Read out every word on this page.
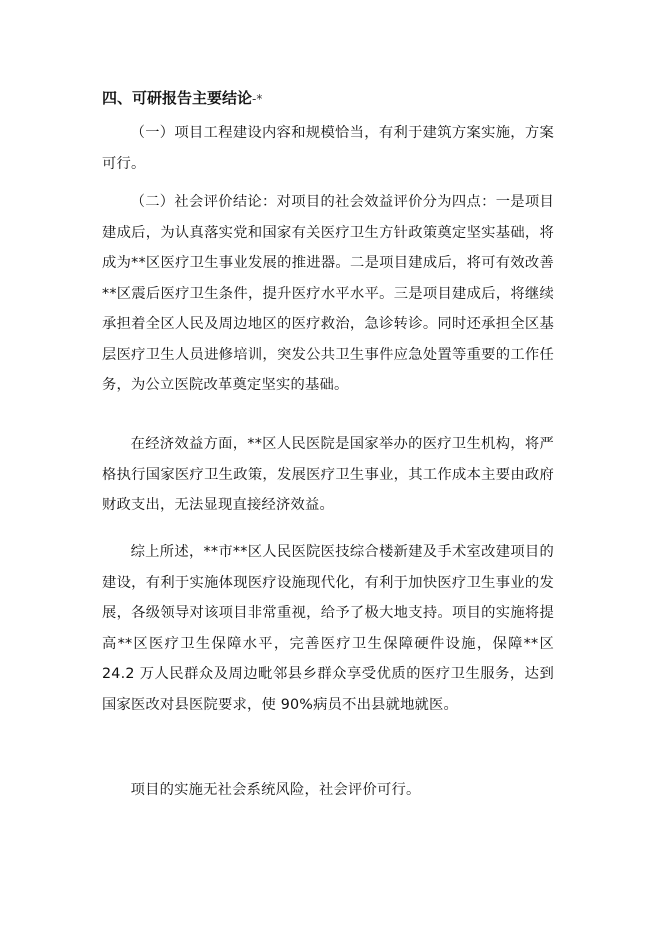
四、可研报告主要结论-*

（一）项目工程建设内容和规模恰当，有利于建筑方案实施，方案可行。

（二）社会评价结论：对项目的社会效益评价分为四点：一是项目建成后，为认真落实党和国家有关医疗卫生方针政策奠定坚实基础，将成为**区医疗卫生事业发展的推进器。二是项目建成后，将可有效改善**区震后医疗卫生条件，提升医疗水平水平。三是项目建成后，将继续承担着全区人民及周边地区的医疗救治，急诊转诊。同时还承担全区基层医疗卫生人员进修培训，突发公共卫生事件应急处置等重要的工作任务，为公立医院改革奠定坚实的基础。

在经济效益方面，**区人民医院是国家举办的医疗卫生机构，将严格执行国家医疗卫生政策，发展医疗卫生事业，其工作成本主要由政府财政支出，无法显现直接经济效益。

综上所述，**市**区人民医院医技综合楼新建及手术室改建项目的建设，有利于实施体现医疗设施现代化，有利于加快医疗卫生事业的发展，各级领导对该项目非常重视，给予了极大地支持。项目的实施将提高**区医疗卫生保障水平，完善医疗卫生保障硬件设施，保障**区 24.2 万人民群众及周边毗邻县乡群众享受优质的医疗卫生服务，达到国家医改对县医院要求，使 90%病员不出县就地就医。

项目的实施无社会系统风险，社会评价可行。
